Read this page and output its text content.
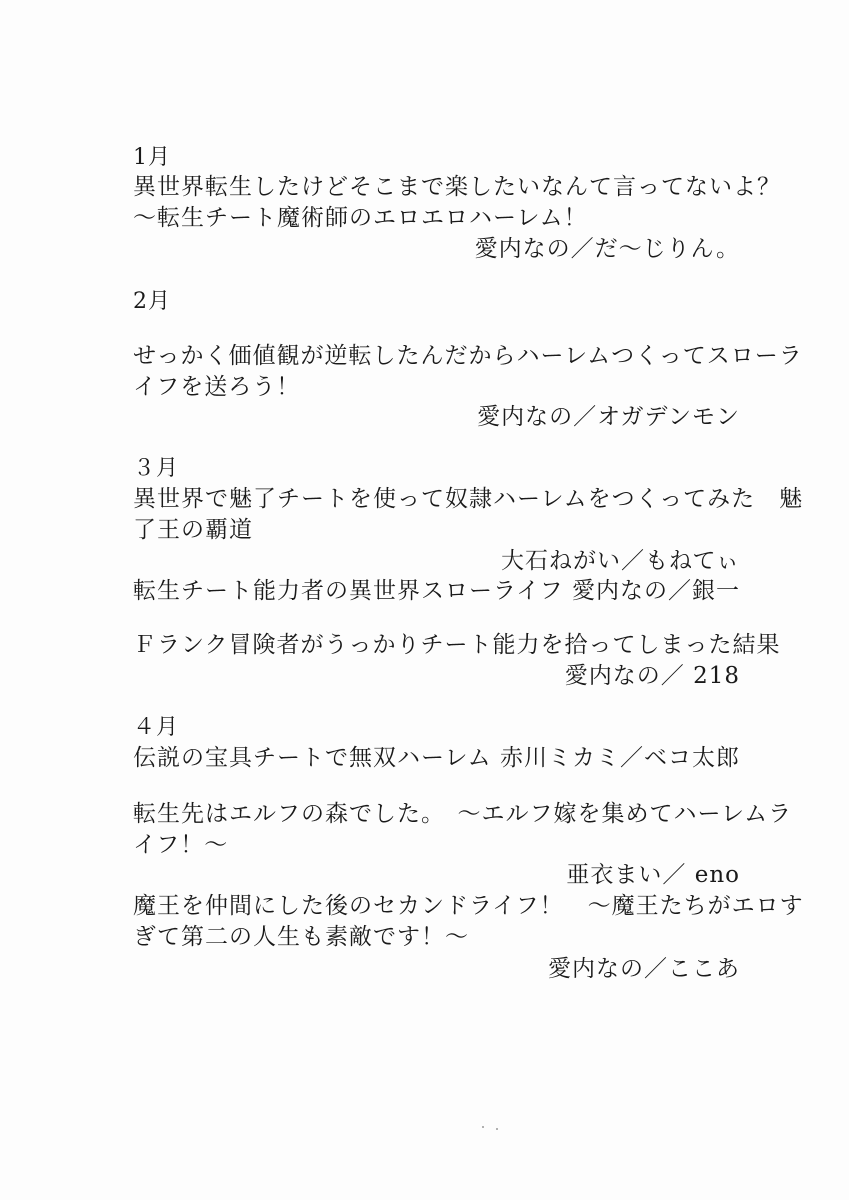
1月
異世界転生したけどそこまで楽したいなんて言ってないよ？
〜転生チート魔術師のエロエロハーレム！
愛内なの／だ〜じりん。
2月
せっかく価値観が逆転したんだからハーレムつくってスローラ
イフを送ろう！
愛内なの／オガデンモン
３月
異世界で魅了チートを使って奴隷ハーレムをつくってみた　魅
了王の覇道
大石ねがい／もねてぃ
転生チート能力者の異世界スローライフ 愛内なの／銀一
Ｆランク冒険者がうっかりチート能力を拾ってしまった結果
愛内なの／ 218
４月
伝説の宝具チートで無双ハーレム 赤川ミカミ／ベコ太郎
転生先はエルフの森でした。　〜エルフ嫁を集めてハーレムラ
イフ！〜
亜衣まい／ eno
魔王を仲間にした後のセカンドライフ！　〜魔王たちがエロす
ぎて第二の人生も素敵です！〜
愛内なの／ここあ
